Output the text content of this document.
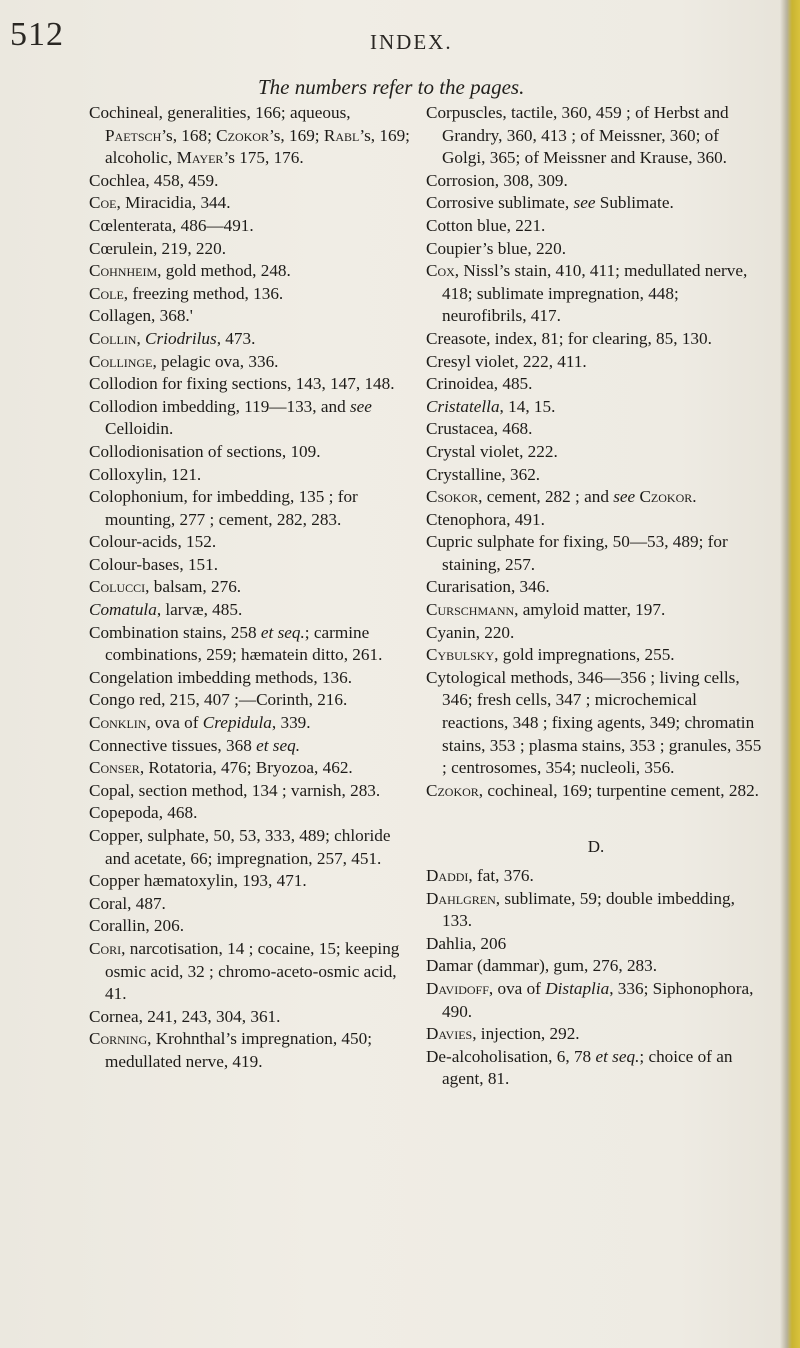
512	INDEX.
The numbers refer to the pages.

Cochineal, generalities, 166; aqueous, Paetsch’s, 168; Czokor’s, 169; Rabl’s, 169; alcoholic, Mayer’s 175, 176.

Cochlea, 458, 459.

Coe, Miracidia, 344.

Cœlenterata, 486—491.

Cœrulein, 219, 220.

Cohnheim, gold method, 248.

Cole, freezing method, 136.

Collagen, 368.'

Collin, Criodrilus, 473.

Collinge, pelagic ova, 336.

Collodion for fixing sections, 143, 147, 148.

Collodion imbedding, 119—133, and see Celloidin.

Collodionisation of sections, 109.

Colloxylin, 121.

Colophonium, for imbedding, 135 ; for mounting, 277 ; cement, 282, 283.

Colour-acids, 152.

Colour-bases, 151.

Colucci, balsam, 276.

Comatula, larvæ, 485.

Combination stains, 258 et seq.; carmine combinations, 259; hæmatein ditto, 261.

Congelation imbedding methods, 136.

Congo red, 215, 407 ;—Corinth, 216.

Conklin, ova of Crepidula, 339.

Connective tissues, 368 et seq.

Conser, Rotatoria, 476; Bryozoa, 462.

Copal, section method, 134 ; varnish, 283.

Copepoda, 468.

Copper, sulphate, 50, 53, 333, 489; chloride and acetate, 66; impregnation, 257, 451.

Copper hæmatoxylin, 193, 471.

Coral, 487.

Corallin, 206.

Cori, narcotisation, 14 ; cocaine, 15; keeping osmic acid, 32 ; chromo-aceto-osmic acid, 41.

Cornea, 241, 243, 304, 361.

Corning, Krohnthal’s impregnation, 450; medullated nerve, 419.

Corpuscles, tactile, 360, 459 ; of Herbst and Grandry, 360, 413 ; of Meissner, 360; of Golgi, 365; of Meissner and Krause, 360.

Corrosion, 308, 309.

Corrosive sublimate, see Sublimate.

Cotton blue, 221.

Coupier’s blue, 220.

Cox, Nissl’s stain, 410, 411; medullated nerve, 418; sublimate impregnation, 448; neurofibrils, 417.

Creasote, index, 81; for clearing, 85, 130.

Cresyl violet, 222, 411.

Crinoidea, 485.

Cristatella, 14, 15.

Crustacea, 468.

Crystal violet, 222.

Crystalline, 362.

Csokor, cement, 282 ; and see Czokor.

Ctenophora, 491.

Cupric sulphate for fixing, 50—53, 489; for staining, 257.

Curarisation, 346.

Curschmann, amyloid matter, 197.

Cyanin, 220.

Cybulsky, gold impregnations, 255.

Cytological methods, 346—356 ; living cells, 346; fresh cells, 347 ; microchemical reactions, 348 ; fixing agents, 349; chromatin stains, 353 ; plasma stains, 353 ; granules, 355 ; centrosomes, 354; nucleoli, 356.

Czokor, cochineal, 169; turpentine cement, 282.

D.

Daddi, fat, 376.

Dahlgren, sublimate, 59; double imbedding, 133.

Dahlia, 206

Damar (dammar), gum, 276, 283.

Davidoff, ova of Distaplia, 336; Siphonophora, 490.

Davies, injection, 292.

De-alcoholisation, 6, 78 et seq.; choice of an agent, 81.
